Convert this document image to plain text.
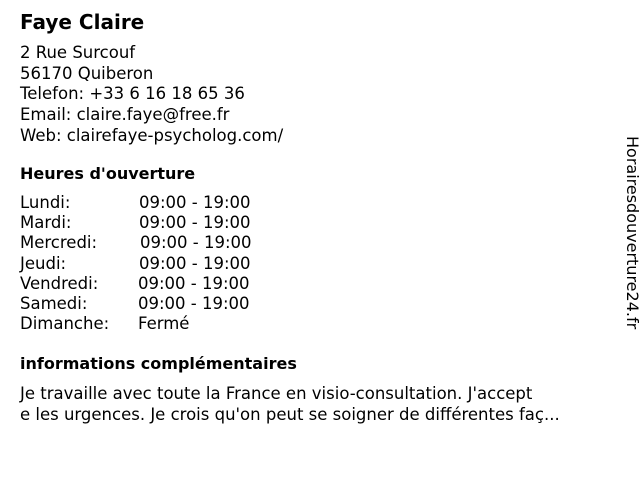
Faye Claire
2 Rue Surcouf
56170 Quiberon
Telefon: +33 6 16 18 65 36
Email: claire.faye@free.fr
Web: clairefaye-psycholog.com/
Heures d'ouverture
Lundi:	09:00 - 19:00
Mardi:	09:00 - 19:00
Mercredi:	09:00 - 19:00
Jeudi:	09:00 - 19:00
Vendredi: 09:00 - 19:00
Samedi:	09:00 - 19:00
Dimanche: Fermé
informations complémentaires
Je travaille avec toute la France en visio-consultation. J'accept
e les urgences. Je crois qu'on peut se soigner de différentes faç...
Horairesdouverture24.fr
